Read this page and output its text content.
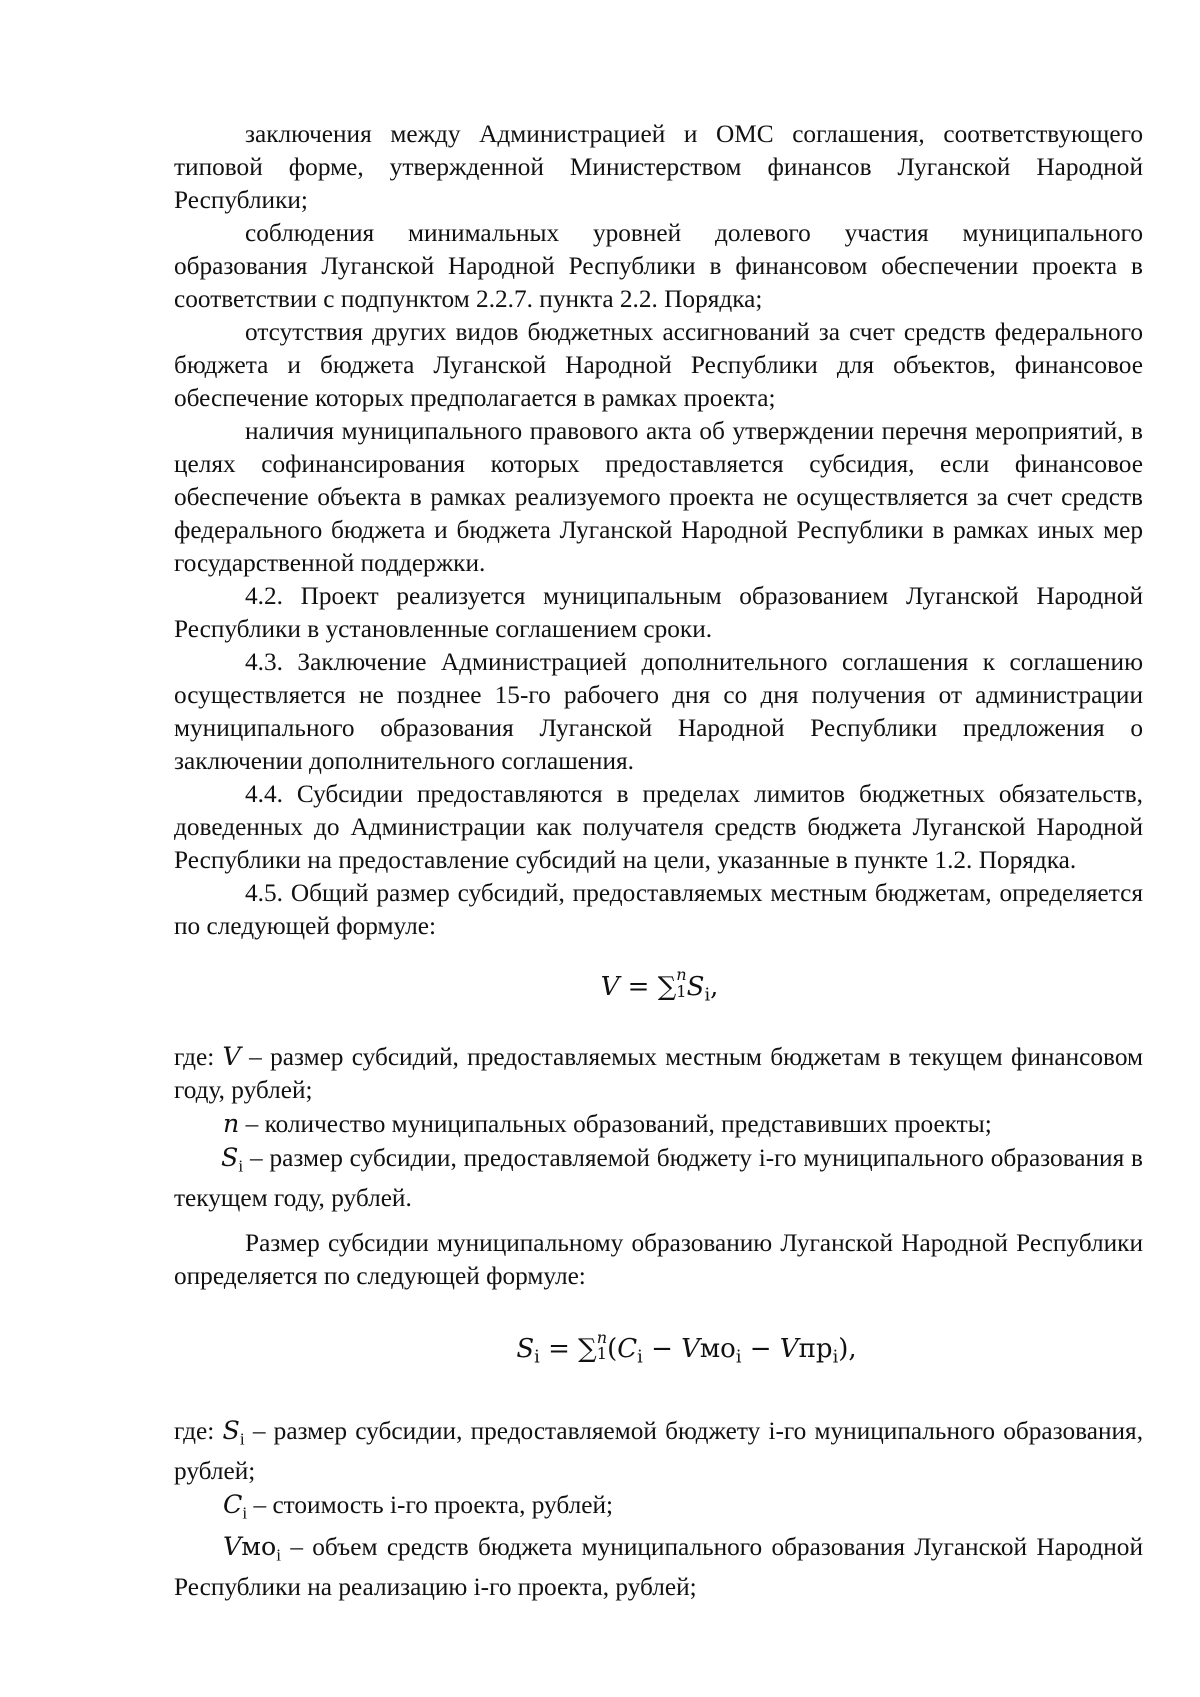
заключения между Администрацией и ОМС соглашения, соответствующего типовой форме, утвержденной Министерством финансов Луганской Народной Республики;

соблюдения минимальных уровней долевого участия муниципального образования Луганской Народной Республики в финансовом обеспечении проекта в соответствии с подпунктом 2.2.7. пункта 2.2. Порядка;

отсутствия других видов бюджетных ассигнований за счет средств федерального бюджета и бюджета Луганской Народной Республики для объектов, финансовое обеспечение которых предполагается в рамках проекта;

наличия муниципального правового акта об утверждении перечня мероприятий, в целях софинансирования которых предоставляется субсидия, если финансовое обеспечение объекта в рамках реализуемого проекта не осуществляется за счет средств федерального бюджета и бюджета Луганской Народной Республики в рамках иных мер государственной поддержки.

4.2. Проект реализуется муниципальным образованием Луганской Народной Республики в установленные соглашением сроки.

4.3. Заключение Администрацией дополнительного соглашения к соглашению осуществляется не позднее 15-го рабочего дня со дня получения от администрации муниципального образования Луганской Народной Республики предложения о заключении дополнительного соглашения.

4.4. Субсидии предоставляются в пределах лимитов бюджетных обязательств, доведенных до Администрации как получателя средств бюджета Луганской Народной Республики на предоставление субсидий на цели, указанные в пункте 1.2. Порядка.

4.5. Общий размер субсидий, предоставляемых местным бюджетам, определяется по следующей формуле:

V = ∑ n
1 $S_i$,

где: V – размер субсидий, предоставляемых местным бюджетам в текущем финансовом году, рублей;

n – количество муниципальных образований, представивших проекты;

$S_i$ – размер субсидии, предоставляемой бюджету i-го муниципального образования в текущем году, рублей.

Размер субсидии муниципальному образованию Луганской Народной Республики определяется по следующей формуле:

$S_i$ = ∑ n
1 $(C_i - Vмо_i - Vпр_i)$,

где: $S_i$ – размер субсидии, предоставляемой бюджету i-го муниципального образования, рублей;

$C_i$ – стоимость i-го проекта, рублей;

Vмо$_i$ – объем средств бюджета муниципального образования Луганской Народной Республики на реализацию i-го проекта, рублей;
